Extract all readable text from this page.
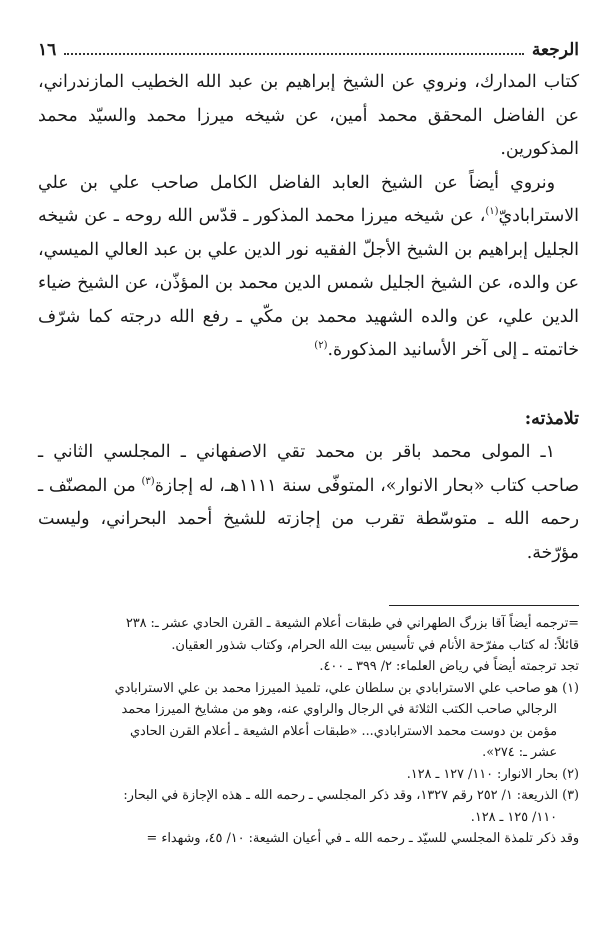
الرجعة
١٦

كتاب المدارك، ونروي عن الشيخ إبراهيم بن عبد الله الخطيب المازندراني، عن الفاضل المحقق محمد أمين، عن شيخه ميرزا محمد والسيّد محمد المذكورين.

ونروي أيضاً عن الشيخ العابد الفاضل الكامل صاحب علي بن علي الاستراباديّ$^{(١)}$، عن شيخه ميرزا محمد المذكور ـ قدّس الله روحه ـ عن شيخه الجليل إبراهيم بن الشيخ الأجلّ الفقيه نور الدين علي بن عبد العالي الميسي، عن والده، عن الشيخ الجليل شمس الدين محمد بن المؤذّن، عن الشيخ ضياء الدين علي، عن والده الشهيد محمد بن مكّي ـ رفع الله درجته كما شرّف خاتمته ـ إلى آخر الأسانيد المذكورة.$^{(٢)}$

تلامذته:

١ـ المولى محمد باقر بن محمد تقي الاصفهاني ـ المجلسي الثاني ـ صاحب كتاب «بحار الانوار»، المتوفّى سنة ١١١١هـ، له إجازة$^{(٣)}$ من المصنّف ـ رحمه الله ـ متوسّطة تقرب من إجازته للشيخ أحمد البحراني، وليست مؤرّخة.

=ترجمه أيضاً آقا بزرگ الطهراني في طبقات أعلام الشيعة ـ القرن الحادي عشر ـ: ٢٣٨
قائلاً: له كتاب مفرّحة الأنام في تأسيس بيت الله الحرام، وكتاب شذور العقيان.
تجد ترجمته أيضاً في رياض العلماء: ٢/ ٣٩٩ ـ ٤٠٠.

(١) هو صاحب علي الاسترابادي بن سلطان علي، تلميذ الميرزا محمد بن علي الاسترابادي
الرجالي صاحب الكتب الثلاثة في الرجال والراوي عنه، وهو من مشايخ الميرزا محمد
مؤمن بن دوست محمد الاسترابادي... «طبقات أعلام الشيعة ـ أعلام القرن الحادي
عشر ـ: ٢٧٤».

(٢) بحار الانوار: ١١٠/ ١٢٧ ـ ١٢٨.

(٣) الذريعة: ١/ ٢٥٢ رقم ١٣٢٧، وقد ذكر المجلسي ـ رحمه الله ـ هذه الإجازة في البحار:
١١٠/ ١٢٥ ـ ١٢٨.

وقد ذكر تلمذة المجلسي للسيّد ـ رحمه الله ـ في أعيان الشيعة: ١٠/ ٤٥، وشهداء =
